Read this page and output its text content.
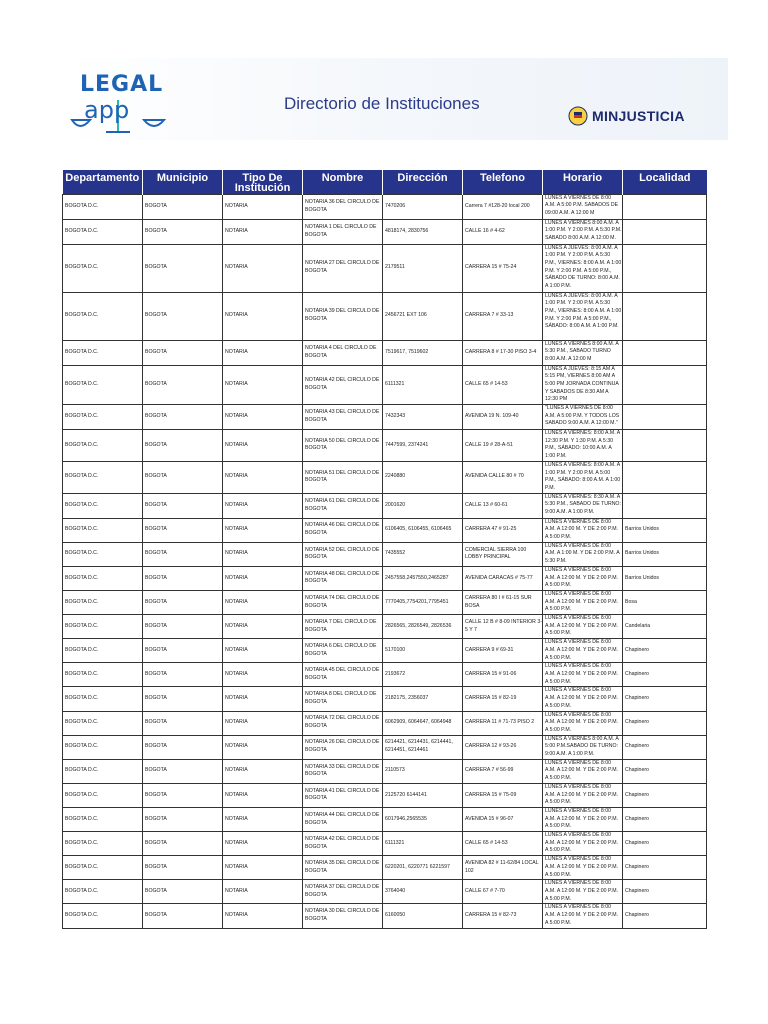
LEGAL
app	Directorio de Instituciones
MINJUSTICIA
Departamento	Municipio	Tipo De Institución	Nombre	Dirección	Telefono	Horario	Localidad
BOGOTA D.C.	BOGOTA	NOTARIA	NOTARIA 36 DEL CIRCULO DE BOGOTA	7470206	Carrera 7 #128-20 local 200	LUNES A VIERNES DE 8:00 A.M. A 5:00 P.M. SABADOS DE 09:00 A.M. A 12:00 M	
BOGOTA D.C.	BOGOTA	NOTARIA	NOTARIA 1 DEL CIRCULO DE BOGOTA	4818174, 2830756	CALLE 16 # 4-62	LUNES A VIERNES 8:00 A.M. A 1:00 P.M. Y 2:00 P.M. A 5:30 P.M. SABADO 8:00 A.M. A 12:00 M.	
BOGOTA D.C.	BOGOTA	NOTARIA	NOTARIA 27 DEL CIRCULO DE BOGOTA	2179511	CARRERA 15 # 75-24	LUNES A JUEVES: 8:00 A.M. A 1:00 P.M. Y 2:00 P.M. A 5:30 P.M., VIERNES: 8:00 A.M. A 1:00 P.M. Y 2:00 P.M. A 5:00 P.M., SÁBADO DE TURNO: 8:00 A.M. A 1:00 P.M.	
BOGOTA D.C.	BOGOTA	NOTARIA	NOTARIA 39 DEL CIRCULO DE BOGOTA	2456721 EXT 106	CARRERA 7 # 33-13	LUNES A JUEVES: 8:00 A.M. A 1:00 P.M. Y 2:00 P.M. A 5:30 P.M., VIERNES: 8:00 A.M. A 1:00 P.M. Y 2:00 P.M. A 5:00 P.M., SÁBADO: 8:00 A.M. A 1:00 P.M.	
BOGOTA D.C.	BOGOTA	NOTARIA	NOTARIA 4 DEL CIRCULO DE BOGOTA	7519617, 7519602	CARRERA 8 # 17-30 PISO 3-4	LUNES A VIERNES 8:00 A.M. A 5:30 P.M., SABADO TURNO 8:00 A.M. A 12:00 M	
BOGOTA D.C.	BOGOTA	NOTARIA	NOTARIA 42 DEL CIRCULO DE BOGOTA	6111321	CALLE 65 # 14-53	LUNES A JUEVES: 8:15 AM A 5:15 PM, VIERNES 8:00 AM A 5:00 PM JORNADA CONTINUA Y SABADOS DE 8:30 AM A 12:30 PM	
BOGOTA D.C.	BOGOTA	NOTARIA	NOTARIA 43 DEL CIRCULO DE BOGOTA	7432343	AVENIDA 19 N. 109-40	"LUNES A VIERNES DE 8:00 A.M. A 5:00 P.M. Y TODOS LOS SABADO 9:00 A.M. A 12:00 M."	
BOGOTA D.C.	BOGOTA	NOTARIA	NOTARIA 50 DEL CIRCULO DE BOGOTA	7447599, 2374241	CALLE 19 # 28-A-51	LUNES A VIERNES: 8:00 A.M. A 12:30 P.M. Y 1:30 P.M. A 5:30 P.M., SÁBADO: 10:00 A.M. A 1:00 P.M.	
BOGOTA D.C.	BOGOTA	NOTARIA	NOTARIA 51 DEL CIRCULO DE BOGOTA	2240880	AVENIDA CALLE 80 # 70	LUNES A VIERNES: 8:00 A.M. A 1:00 P.M. Y 2:00 P.M. A 5:00 P.M., SÁBADO: 8:00 A.M. A 1:00 P.M.	
BOGOTA D.C.	BOGOTA	NOTARIA	NOTARIA 61 DEL CIRCULO DE BOGOTA	2001620	CALLE 13 # 60-61	LUNES A VIERNES: 8:30 A.M. A 5:30 P.M., SABADO DE TURNO: 9:00 A.M. A 1:00 P.M.	
BOGOTA D.C.	BOGOTA	NOTARIA	NOTARIA 46 DEL CIRCULO DE BOGOTA	6106405, 6106455, 6106465	CARRERA 47 # 91-25	LUNES A VIERNES DE 8:00 A.M. A 12:00 M. Y DE 2:00 P.M. A 5:00 P.M.	Barrios Unidos
BOGOTA D.C.	BOGOTA	NOTARIA	NOTARIA 52 DEL CIRCULO DE BOGOTA	7435552	COMERCIAL SIERRA 100 LOBBY PRINCIPAL	LUNES A VIERNES DE 8:00 A.M. A 1:00 M. Y DE 2:00 P.M. A 5:30 P.M.	Barrios Unidos
BOGOTA D.C.	BOGOTA	NOTARIA	NOTARIA 48 DEL CIRCULO DE BOGOTA	2457558,2457550,2465287	AVENIDA CARACAS # 75-77	LUNES A VIERNES DE 8:00 A.M. A 12:00 M. Y DE 2:00 P.M. A 5:00 P.M.	Barrios Unidos
BOGOTA D.C.	BOGOTA	NOTARIA	NOTARIA 74 DEL CIRCULO DE BOGOTA	7770405,7754201,7795451	CARRERA 80 I # 61-15 SUR BOSA	LUNES A VIERNES DE 8:00 A.M. A 12:00 M. Y DE 2:00 P.M. A 5:00 P.M.	Bosa
BOGOTA D.C.	BOGOTA	NOTARIA	NOTARIA 7 DEL CIRCULO DE BOGOTA	2826565, 2826549, 2826536	CALLE 12 B # 8-09 INTERIOR 3-5 Y 7	LUNES A VIERNES DE 8:00 A.M. A 12:00 M. Y DE 2:00 P.M. A 5:00 P.M.	Candelaria
BOGOTA D.C.	BOGOTA	NOTARIA	NOTARIA 6 DEL CIRCULO DE BOGOTA	5170100	CARRERA 9 # 69-31	LUNES A VIERNES DE 8:00 A.M. A 12:00 M. Y DE 2:00 P.M. A 5:00 P.M.	Chapinero
BOGOTA D.C.	BOGOTA	NOTARIA	NOTARIA 45 DEL CIRCULO DE BOGOTA	2193672	CARRERA 15 # 91-06	LUNES A VIERNES DE 8:00 A.M. A 12:00 M. Y DE 2:00 P.M. A 5:00 P.M.	Chapinero
BOGOTA D.C.	BOGOTA	NOTARIA	NOTARIA 8 DEL CIRCULO DE BOGOTA	2182175, 2356037	CARRERA 15 # 82-19	LUNES A VIERNES DE 8:00 A.M. A 12:00 M. Y DE 2:00 P.M. A 5:00 P.M.	Chapinero
BOGOTA D.C.	BOGOTA	NOTARIA	NOTARIA 72 DEL CIRCULO DE BOGOTA	6062909, 6064647, 6064948	CARRERA 11 # 71-73 PISO 2	LUNES A VIERNES DE 8:00 A.M. A 12:00 M. Y DE 2:00 P.M. A 5:00 P.M.	Chapinero
BOGOTA D.C.	BOGOTA	NOTARIA	NOTARIA 26 DEL CIRCULO DE BOGOTA	6214421, 6214431, 6214441, 6214451, 6214461	CARRERA 12 # 93-26	LUNES A VIERNES 8:00 A.M. A 5:00 P.M.SABADO DE TURNO: 9:00 A.M. A 1:00 P.M.	Chapinero
BOGOTA D.C.	BOGOTA	NOTARIA	NOTARIA 33 DEL CIRCULO DE BOGOTA	2110573	CARRERA 7 # 56-99	LUNES A VIERNES DE 8:00 A.M. A 12:00 M. Y DE 2:00 P.M. A 5:00 P.M.	Chapinero
BOGOTA D.C.	BOGOTA	NOTARIA	NOTARIA 41 DEL CIRCULO DE BOGOTA	2125720 6144141	CARRERA 15 # 75-09	LUNES A VIERNES DE 8:00 A.M. A 12:00 M. Y DE 2:00 P.M. A 5:00 P.M.	Chapinero
BOGOTA D.C.	BOGOTA	NOTARIA	NOTARIA 44 DEL CIRCULO DE BOGOTA	6017946,2565535	AVENIDA 15 # 96-07	LUNES A VIERNES DE 8:00 A.M. A 12:00 M. Y DE 2:00 P.M. A 5:00 P.M.	Chapinero
BOGOTA D.C.	BOGOTA	NOTARIA	NOTARIA 42 DEL CIRCULO DE BOGOTA	6111321	CALLE 65 # 14-53	LUNES A VIERNES DE 8:00 A.M. A 12:00 M. Y DE 2:00 P.M. A 5:00 P.M.	Chapinero
BOGOTA D.C.	BOGOTA	NOTARIA	NOTARIA 35 DEL CIRCULO DE BOGOTA	6220201, 6220771 6221597	AVENIDA 82 # 11-62/84 LOCAL 102	LUNES A VIERNES DE 8:00 A.M. A 12:00 M. Y DE 2:00 P.M. A 5:00 P.M.	Chapinero
BOGOTA D.C.	BOGOTA	NOTARIA	NOTARIA 37 DEL CIRCULO DE BOGOTA	3764040	CALLE 67 # 7-70	LUNES A VIERNES DE 8:00 A.M. A 12:00 M. Y DE 2:00 P.M. A 5:00 P.M.	Chapinero
BOGOTA D.C.	BOGOTA	NOTARIA	NOTARIA 30 DEL CIRCULO DE BOGOTA	6160050	CARRERA 15 # 82-73	LUNES A VIERNES DE 8:00 A.M. A 12:00 M. Y DE 2:00 P.M. A 5:00 P.M.	Chapinero
